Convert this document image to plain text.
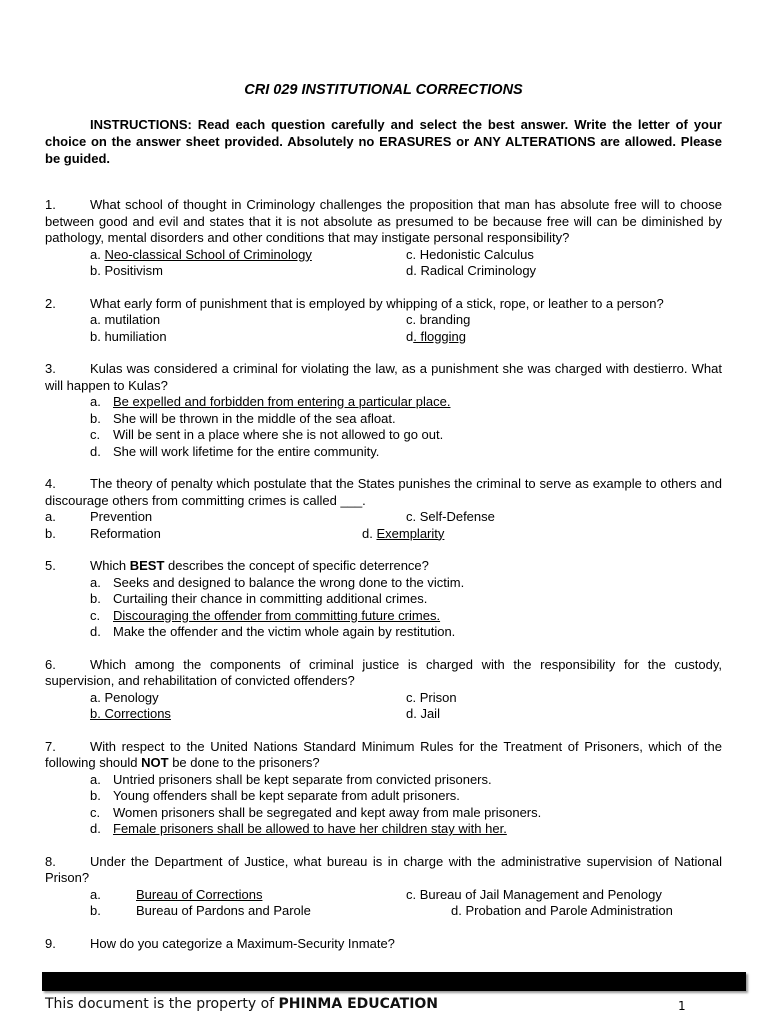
CRI 029 INSTITUTIONAL CORRECTIONS
INSTRUCTIONS: Read each question carefully and select the best answer. Write the letter of your choice on the answer sheet provided. Absolutely no ERASURES or ANY ALTERATIONS are allowed. Please be guided.
1.	What school of thought in Criminology challenges the proposition that man has absolute free will to choose between good and evil and states that it is not absolute as presumed to be because free will can be diminished by pathology, mental disorders and other conditions that may instigate personal responsibility?
a. Neo-classical School of Criminology	c. Hedonistic Calculus
b. Positivism	d. Radical Criminology
2.	What early form of punishment that is employed by whipping of a stick, rope, or leather to a person?
a. mutilation	c. branding
b. humiliation	d. flogging
3.	Kulas was considered a criminal for violating the law, as a punishment she was charged with destierro. What will happen to Kulas?
a. Be expelled and forbidden from entering a particular place.
b. She will be thrown in the middle of the sea afloat.
c. Will be sent in a place where she is not allowed to go out.
d. She will work lifetime for the entire community.
4.	The theory of penalty which postulate that the States punishes the criminal to serve as example to others and discourage others from committing crimes is called ___.
a.	Prevention	c. Self-Defense
b.	Reformation	d. Exemplarity
5.	Which BEST describes the concept of specific deterrence?
a. Seeks and designed to balance the wrong done to the victim.
b. Curtailing their chance in committing additional crimes.
c. Discouraging the offender from committing future crimes.
d. Make the offender and the victim whole again by restitution.
6.	Which among the components of criminal justice is charged with the responsibility for the custody, supervision, and rehabilitation of convicted offenders?
a. Penology	c. Prison
b. Corrections	d. Jail
7.	With respect to the United Nations Standard Minimum Rules for the Treatment of Prisoners, which of the following should NOT be done to the prisoners?
a. Untried prisoners shall be kept separate from convicted prisoners.
b. Young offenders shall be kept separate from adult prisoners.
c. Women prisoners shall be segregated and kept away from male prisoners.
d. Female prisoners shall be allowed to have her children stay with her.
8.	Under the Department of Justice, what bureau is in charge with the administrative supervision of National Prison?
a.	Bureau of Corrections	c. Bureau of Jail Management and Penology
b.	Bureau of Pardons and Parole	d. Probation and Parole Administration
9.	How do you categorize a Maximum-Security Inmate?
This document is the property of PHINMA EDUCATION	1
